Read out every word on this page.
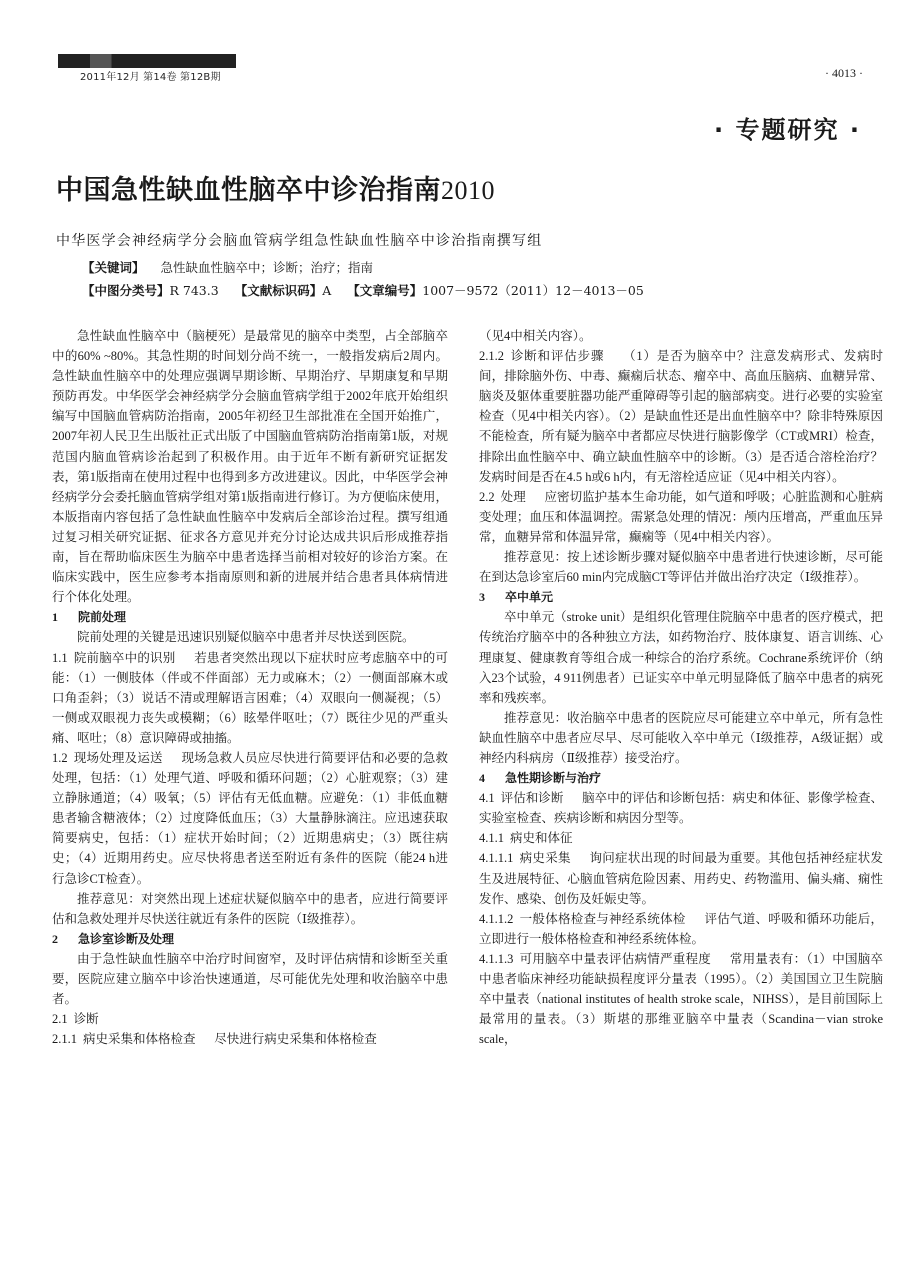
2011年12月 第14卷 第12B期	· 4013 ·
· 专题研究 ·
中国急性缺血性脑卒中诊治指南2010
中华医学会神经病学分会脑血管病学组急性缺血性脑卒中诊治指南撰写组
【关键词】 急性缺血性脑卒中；诊断；治疗；指南
【中图分类号】R 743.3 【文献标识码】A 【文章编号】1007－9572（2011）12－4013－05

急性缺血性脑卒中（脑梗死）是最常见的脑卒中类型，占全部脑卒中的60% ~80%。其急性期的时间划分尚不统一，一般指发病后2周内。急性缺血性脑卒中的处理应强调早期诊断、早期治疗、早期康复和早期预防再发。中华医学会神经病学分会脑血管病学组于2002年底开始组织编写中国脑血管病防治指南，2005年初经卫生部批准在全国开始推广，2007年初人民卫生出版社正式出版了中国脑血管病防治指南第1版，对规范国内脑血管病诊治起到了积极作用。由于近年不断有新研究证据发表，第1版指南在使用过程中也得到多方改进建议。因此，中华医学会神经病学分会委托脑血管病学组对第1版指南进行修订。为方便临床使用，本版指南内容包括了急性缺血性脑卒中发病后全部诊治过程。撰写组通过复习相关研究证据、征求各方意见并充分讨论达成共识后形成推荐指南，旨在帮助临床医生为脑卒中患者选择当前相对较好的诊治方案。在临床实践中，医生应参考本指南原则和新的进展并结合患者具体病情进行个体化处理。

1 院前处理

院前处理的关键是迅速识别疑似脑卒中患者并尽快送到医院。

1.1 院前脑卒中的识别 若患者突然出现以下症状时应考虑脑卒中的可能：（1）一侧肢体（伴或不伴面部）无力或麻木；（2）一侧面部麻木或口角歪斜；（3）说话不清或理解语言困难；（4）双眼向一侧凝视；（5）一侧或双眼视力丧失或模糊；（6）眩晕伴呕吐；（7）既往少见的严重头痛、呕吐；（8）意识障碍或抽搐。

1.2 现场处理及运送 现场急救人员应尽快进行简要评估和必要的急救处理，包括：（1）处理气道、呼吸和循环问题；（2）心脏观察；（3）建立静脉通道；（4）吸氧；（5）评估有无低血糖。应避免：（1）非低血糖患者输含糖液体；（2）过度降低血压；（3）大量静脉滴注。应迅速获取简要病史，包括：（1）症状开始时间；（2）近期患病史；（3）既往病史；（4）近期用药史。应尽快将患者送至附近有条件的医院（能24 h进行急诊CT检查）。

推荐意见：对突然出现上述症状疑似脑卒中的患者，应进行简要评估和急救处理并尽快送往就近有条件的医院（Ⅰ级推荐）。

2 急诊室诊断及处理

由于急性缺血性脑卒中治疗时间窗窄，及时评估病情和诊断至关重要，医院应建立脑卒中诊治快速通道，尽可能优先处理和收治脑卒中患者。

2.1 诊断

2.1.1 病史采集和体格检查 尽快进行病史采集和体格检查

（见4中相关内容）。

2.1.2 诊断和评估步骤 （1）是否为脑卒中？注意发病形式、发病时间，排除脑外伤、中毒、癫痫后状态、瘤卒中、高血压脑病、血糖异常、脑炎及躯体重要脏器功能严重障碍等引起的脑部病变。进行必要的实验室检查（见4中相关内容）。（2）是缺血性还是出血性脑卒中？除非特殊原因不能检查，所有疑为脑卒中者都应尽快进行脑影像学（CT或MRI）检查，排除出血性脑卒中、确立缺血性脑卒中的诊断。（3）是否适合溶栓治疗？发病时间是否在4.5 h或6 h内，有无溶栓适应证（见4中相关内容）。

2.2 处理 应密切监护基本生命功能，如气道和呼吸；心脏监测和心脏病变处理；血压和体温调控。需紧急处理的情况：颅内压增高，严重血压异常，血糖异常和体温异常，癫痫等（见4中相关内容）。

推荐意见：按上述诊断步骤对疑似脑卒中患者进行快速诊断，尽可能在到达急诊室后60 min内完成脑CT等评估并做出治疗决定（Ⅰ级推荐）。

3 卒中单元

卒中单元（stroke unit）是组织化管理住院脑卒中患者的医疗模式，把传统治疗脑卒中的各种独立方法，如药物治疗、肢体康复、语言训练、心理康复、健康教育等组合成一种综合的治疗系统。Cochrane系统评价（纳入23个试验，4 911例患者）已证实卒中单元明显降低了脑卒中患者的病死率和残疾率。

推荐意见：收治脑卒中患者的医院应尽可能建立卒中单元，所有急性缺血性脑卒中患者应尽早、尽可能收入卒中单元（Ⅰ级推荐，A级证据）或神经内科病房（Ⅱ级推荐）接受治疗。

4 急性期诊断与治疗

4.1 评估和诊断 脑卒中的评估和诊断包括：病史和体征、影像学检查、实验室检查、疾病诊断和病因分型等。

4.1.1 病史和体征

4.1.1.1 病史采集 询问症状出现的时间最为重要。其他包括神经症状发生及进展特征、心脑血管病危险因素、用药史、药物滥用、偏头痛、痫性发作、感染、创伤及妊娠史等。

4.1.1.2 一般体格检查与神经系统体检 评估气道、呼吸和循环功能后，立即进行一般体格检查和神经系统体检。

4.1.1.3 可用脑卒中量表评估病情严重程度 常用量表有：（1）中国脑卒中患者临床神经功能缺损程度评分量表（1995）。（2）美国国立卫生院脑卒中量表（national institutes of health stroke scale，NIHSS），是目前国际上最常用的量表。（3）斯堪的那维亚脑卒中量表（Scandina－vian stroke scale，
